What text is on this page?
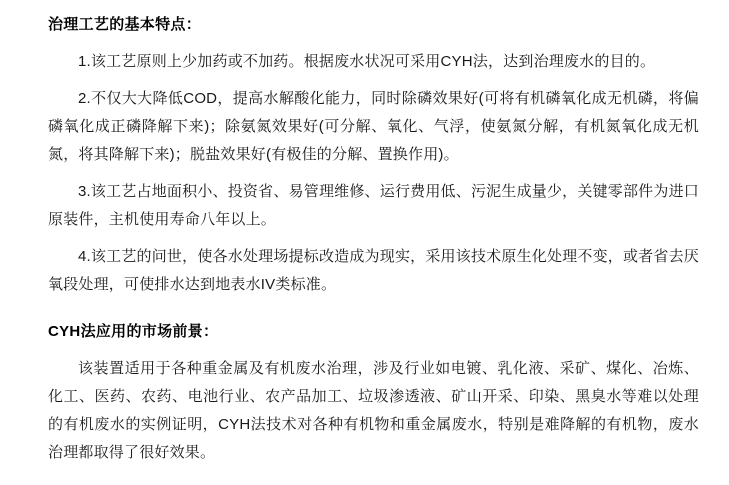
治理工艺的基本特点：

1.该工艺原则上少加药或不加药。根据废水状况可采用CYH法，达到治理废水的目的。

2.不仅大大降低COD，提高水解酸化能力，同时除磷效果好(可将有机磷氧化成无机磷，将偏磷氧化成正磷降解下来)；除氨氮效果好(可分解、氧化、气浮，使氨氮分解，有机氮氧化成无机氮，将其降解下来)；脱盐效果好(有极佳的分解、置换作用)。

3.该工艺占地面积小、投资省、易管理维修、运行费用低、污泥生成量少，关键零部件为进口原装件，主机使用寿命八年以上。

4.该工艺的问世，使各水处理场提标改造成为现实，采用该技术原生化处理不变，或者省去厌氧段处理，可使排水达到地表水IV类标准。

CYH法应用的市场前景：

该装置适用于各种重金属及有机废水治理，涉及行业如电镀、乳化液、采矿、煤化、冶炼、化工、医药、农药、电池行业、农产品加工、垃圾渗透液、矿山开采、印染、黑臭水等难以处理的有机废水的实例证明，CYH法技术对各种有机物和重金属废水，特别是难降解的有机物，废水治理都取得了很好效果。
